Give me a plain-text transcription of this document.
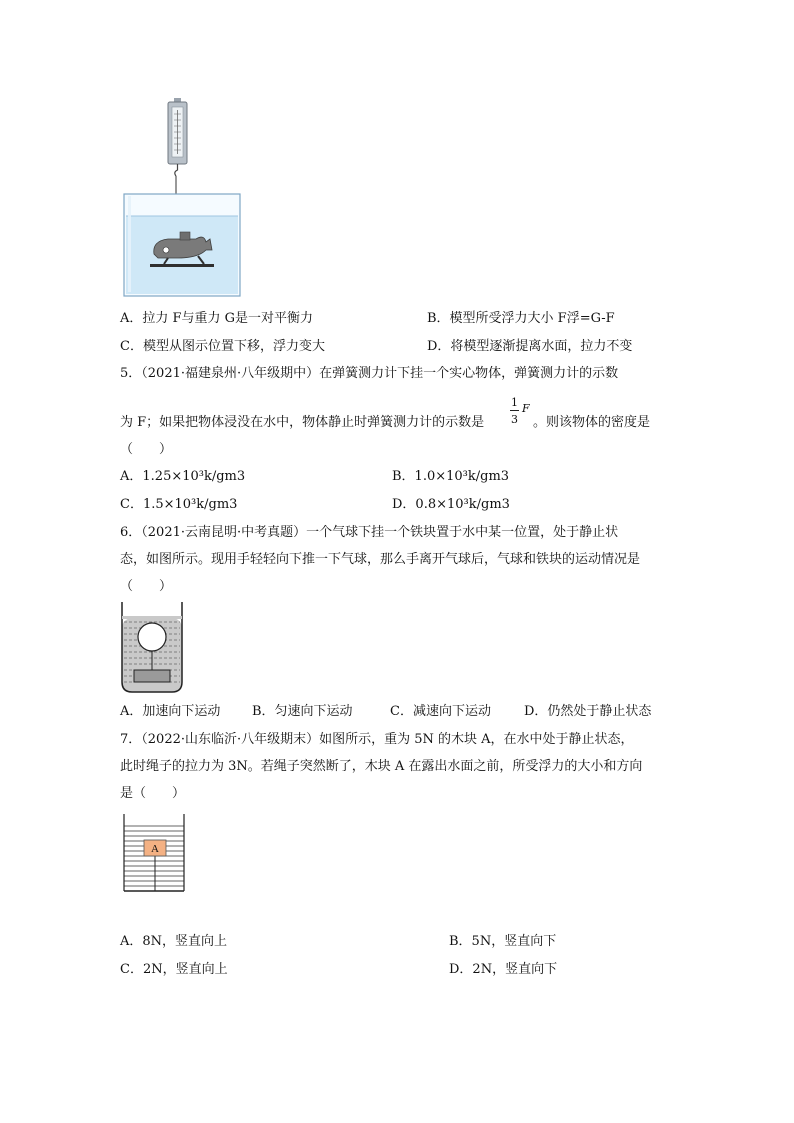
A．拉力 F与重力 G是一对平衡力	B．模型所受浮力大小 F浮=G-F
C．模型从图示位置下移，浮力变大	D．将模型逐渐提离水面，拉力不变
5．（2021·福建泉州·八年级期中）在弹簧测力计下挂一个实心物体，弹簧测力计的示数
为 F；如果把物体浸没在水中，物体静止时弹簧测力计的示数是
1
3
F
。则该物体的密度是
（　　）
A．1.25×10³k/gm3	B．1.0×10³k/gm3
C．1.5×10³k/gm3	D．0.8×10³k/gm3
6．（2021·云南昆明·中考真题）一个气球下挂一个铁块置于水中某一位置，处于静止状
态，如图所示。现用手轻轻向下推一下气球，那么手离开气球后，气球和铁块的运动情况是
（　　）
A．加速向下运动 B．匀速向下运动	C．减速向下运动	D．仍然处于静止状态
7．（2022·山东临沂·八年级期末）如图所示，重为 5N 的木块 A，在水中处于静止状态，
此时绳子的拉力为 3N。若绳子突然断了，木块 A 在露出水面之前，所受浮力的大小和方向
是（　　）
A
A．8N，竖直向上	B．5N，竖直向下
C．2N，竖直向上	D．2N，竖直向下
